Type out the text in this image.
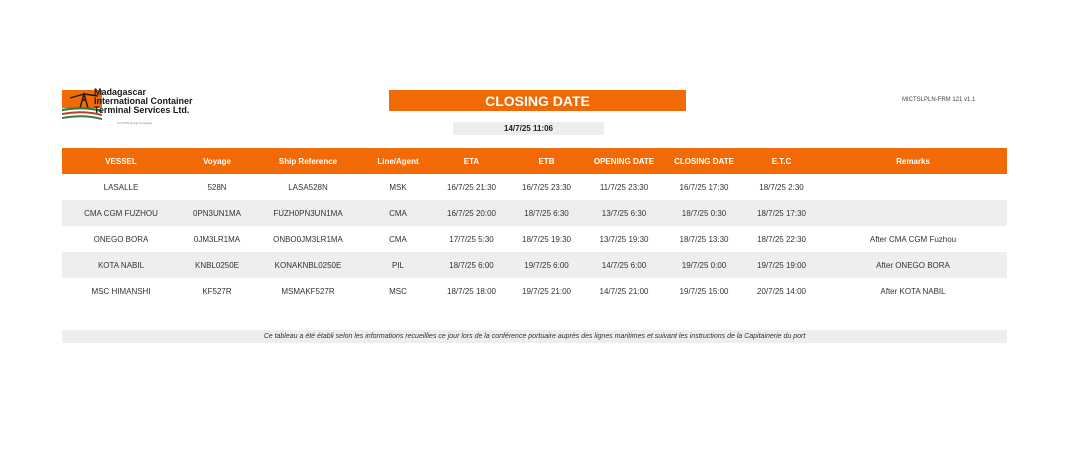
Madagascar
International Container
Terminal Services Ltd.
An ICTSI Group Company
CLOSING DATE
14/7/25 11:06
MICTSLPLN-FRM 121 v1.1
VESSEL	Voyage	Ship Reference	Line/Agent	ETA	ETB	OPENING DATE	CLOSING DATE	E.T.C	Remarks
LASALLE	528N	LASA528N	MSK	16/7/25 21:30	16/7/25 23:30	11/7/25 23:30	16/7/25 17:30	18/7/25 2:30	
CMA CGM FUZHOU	0PN3UN1MA	FUZH0PN3UN1MA	CMA	16/7/25 20:00	18/7/25 6:30	13/7/25 6:30	18/7/25 0:30	18/7/25 17:30	
ONEGO BORA	0JM3LR1MA	ONBO0JM3LR1MA	CMA	17/7/25 5:30	18/7/25 19:30	13/7/25 19:30	18/7/25 13:30	18/7/25 22:30	After CMA CGM Fuzhou
KOTA NABIL	KNBL0250E	KONAKNBL0250E	PIL	18/7/25 6:00	19/7/25 6:00	14/7/25 6:00	19/7/25 0:00	19/7/25 19:00	After ONEGO BORA
MSC HIMANSHI	KF527R	MSMAKF527R	MSC	18/7/25 18:00	19/7/25 21:00	14/7/25 21:00	19/7/25 15:00	20/7/25 14:00	After KOTA NABIL
Ce tableau a été établi selon les informations recueillies ce jour lors de la conférence portuaire auprès des lignes maritimes et suivant les instructions de la Capitainerie du port
